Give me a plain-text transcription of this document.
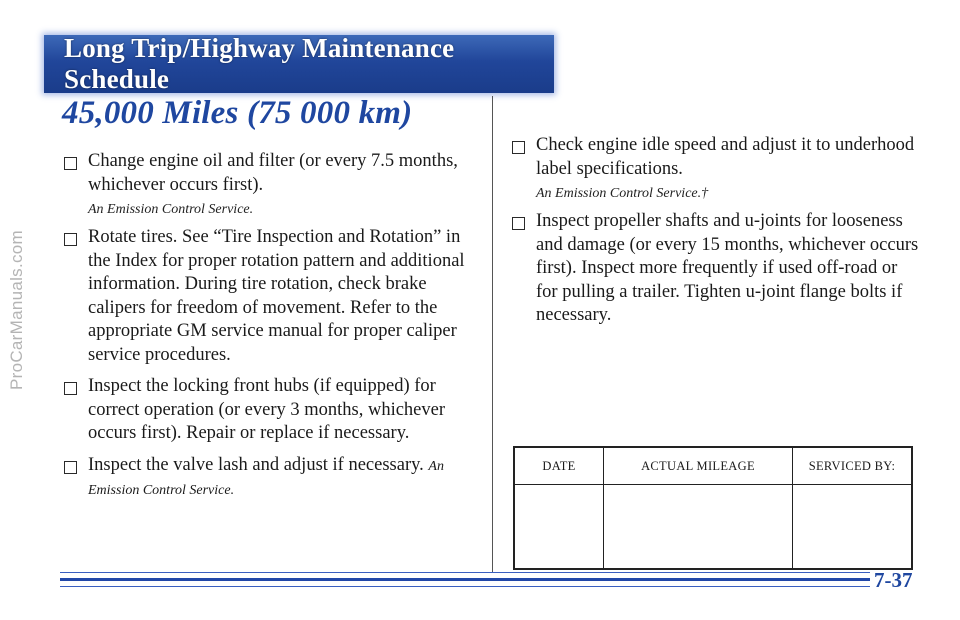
ProCarManuals.com
Long Trip/Highway Maintenance Schedule
45,000 Miles (75 000 km)
Change engine oil and filter (or every 7.5 months, whichever occurs first).
An Emission Control Service.
Rotate tires. See “Tire Inspection and Rotation” in the Index for proper rotation pattern and additional information. During tire rotation, check brake calipers for freedom of movement. Refer to the appropriate GM service manual for proper caliper service procedures.
Inspect the locking front hubs (if equipped) for correct operation (or every 3 months, whichever occurs first). Repair or replace if necessary.
Inspect the valve lash and adjust if necessary. An Emission Control Service.
Check engine idle speed and adjust it to underhood label specifications.
An Emission Control Service.†
Inspect propeller shafts and u-joints for looseness and damage (or every 15 months, whichever occurs first). Inspect more frequently if used off-road or for pulling a trailer. Tighten u-joint flange bolts if necessary.
DATE	ACTUAL MILEAGE	SERVICED BY:

7-37
